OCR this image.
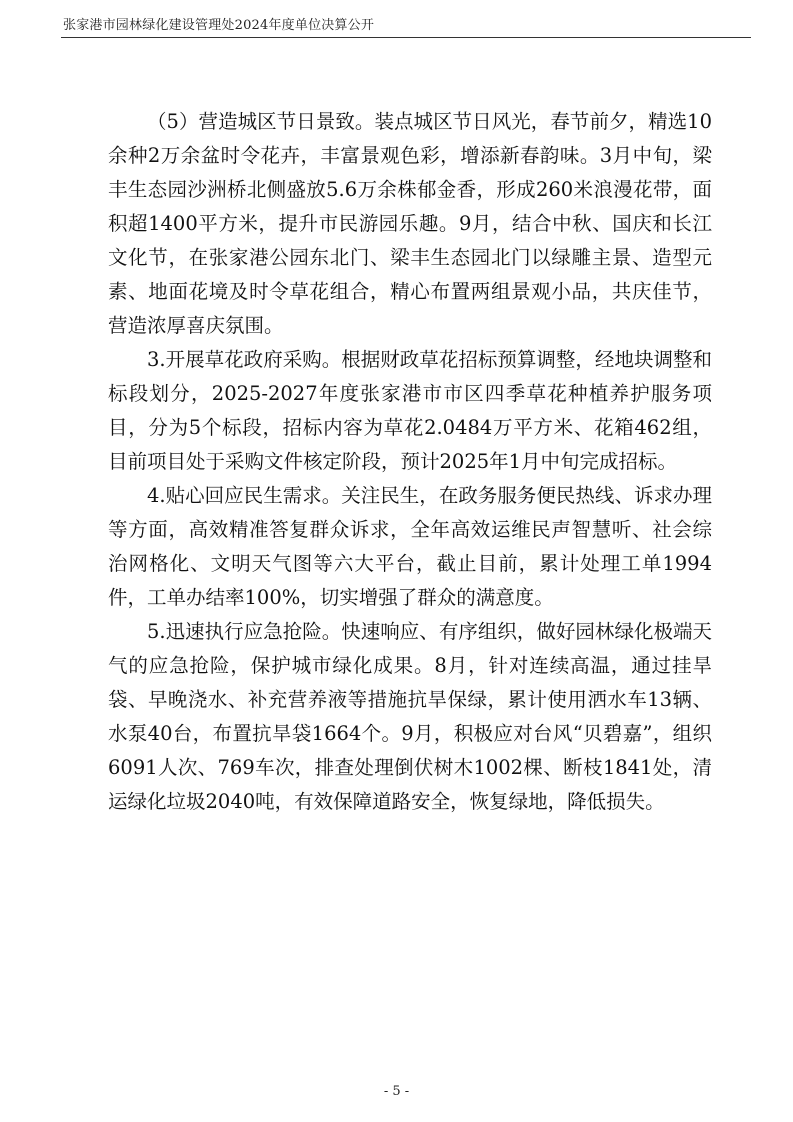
张家港市园林绿化建设管理处2024年度单位决算公开

（5）营造城区节日景致。装点城区节日风光，春节前夕，精选10余种2万余盆时令花卉，丰富景观色彩，增添新春韵味。3月中旬，梁丰生态园沙洲桥北侧盛放5.6万余株郁金香，形成260米浪漫花带，面积超1400平方米，提升市民游园乐趣。9月，结合中秋、国庆和长江文化节，在张家港公园东北门、梁丰生态园北门以绿雕主景、造型元素、地面花境及时令草花组合，精心布置两组景观小品，共庆佳节，营造浓厚喜庆氛围。

3.开展草花政府采购。根据财政草花招标预算调整，经地块调整和标段划分，2025-2027年度张家港市市区四季草花种植养护服务项目，分为5个标段，招标内容为草花2.0484万平方米、花箱462组，目前项目处于采购文件核定阶段，预计2025年1月中旬完成招标。

4.贴心回应民生需求。关注民生，在政务服务便民热线、诉求办理等方面，高效精准答复群众诉求，全年高效运维民声智慧听、社会综治网格化、文明天气图等六大平台，截止目前，累计处理工单1994件，工单办结率100%，切实增强了群众的满意度。

5.迅速执行应急抢险。快速响应、有序组织，做好园林绿化极端天气的应急抢险，保护城市绿化成果。8月，针对连续高温，通过挂旱袋、早晚浇水、补充营养液等措施抗旱保绿，累计使用洒水车13辆、水泵40台，布置抗旱袋1664个。9月，积极应对台风“贝碧嘉”，组织6091人次、769车次，排查处理倒伏树木1002棵、断枝1841处，清运绿化垃圾2040吨，有效保障道路安全，恢复绿地，降低损失。

- 5 -
